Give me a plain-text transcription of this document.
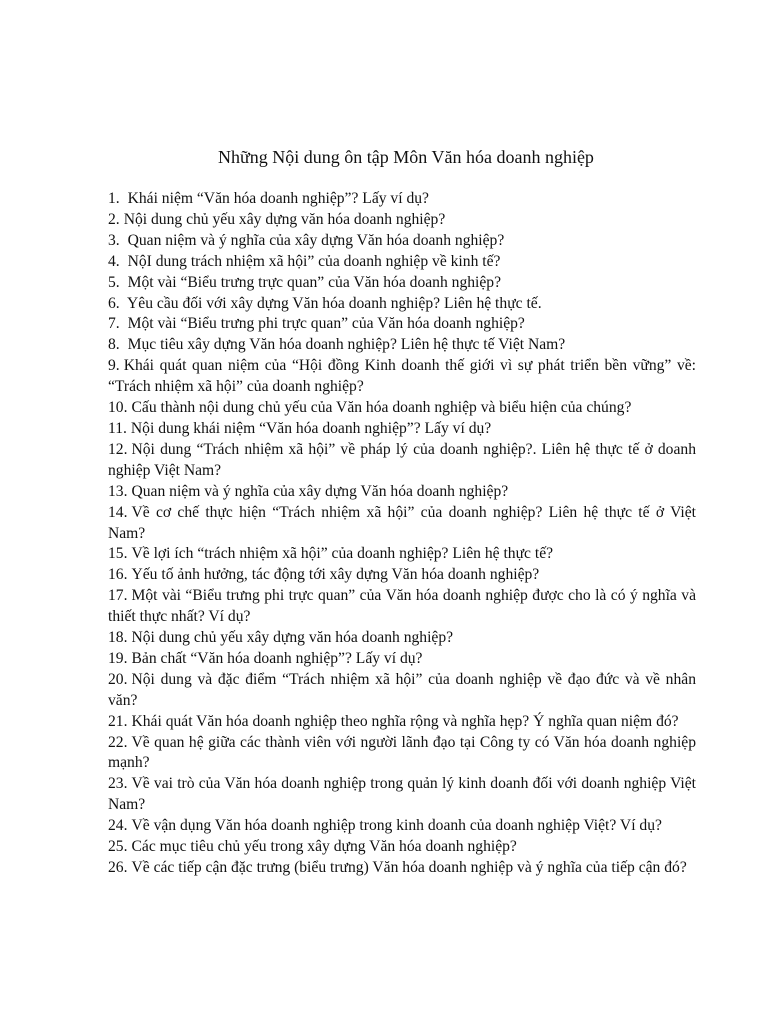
Những Nội dung ôn tập Môn Văn hóa doanh nghiệp
1. Khái niệm “Văn hóa doanh nghiệp”? Lấy ví dụ?
2. Nội dung chủ yếu xây dựng văn hóa doanh nghiệp?
3. Quan niệm và ý nghĩa của xây dựng Văn hóa doanh nghiệp?
4. NộI dung trách nhiệm xã hội” của doanh nghiệp về kinh tế?
5. Một vài “Biểu trưng trực quan” của Văn hóa doanh nghiệp?
6. Yêu cầu đối với xây dựng Văn hóa doanh nghiệp? Liên hệ thực tế.
7. Một vài “Biểu trưng phi trực quan” của Văn hóa doanh nghiệp?
8. Mục tiêu xây dựng Văn hóa doanh nghiệp? Liên hệ thực tế Việt Nam?
9. Khái quát quan niệm của “Hội đồng Kinh doanh thế giới vì sự phát triển bền vững” về: “Trách nhiệm xã hội” của doanh nghiệp?
10. Cấu thành nội dung chủ yếu của Văn hóa doanh nghiệp và biểu hiện của chúng?
11. Nội dung khái niệm “Văn hóa doanh nghiệp”? Lấy ví dụ?
12. Nội dung “Trách nhiệm xã hội” về pháp lý của doanh nghiệp?. Liên hệ thực tế ở doanh nghiệp Việt Nam?
13. Quan niệm và ý nghĩa của xây dựng Văn hóa doanh nghiệp?
14. Về cơ chế thực hiện “Trách nhiệm xã hội” của doanh nghiệp? Liên hệ thực tế ở Việt Nam?
15. Về lợi ích “trách nhiệm xã hội” của doanh nghiệp? Liên hệ thực tế?
16. Yếu tố ảnh hưởng, tác động tới xây dựng Văn hóa doanh nghiệp?
17. Một vài “Biểu trưng phi trực quan” của Văn hóa doanh nghiệp được cho là có ý nghĩa và thiết thực nhất? Ví dụ?
18. Nội dung chủ yếu xây dựng văn hóa doanh nghiệp?
19. Bản chất “Văn hóa doanh nghiệp”? Lấy ví dụ?
20. Nội dung và đặc điểm “Trách nhiệm xã hội” của doanh nghiệp về đạo đức và về nhân văn?
21. Khái quát Văn hóa doanh nghiệp theo nghĩa rộng và nghĩa hẹp? Ý nghĩa quan niệm đó?
22. Về quan hệ giữa các thành viên với người lãnh đạo tại Công ty có Văn hóa doanh nghiệp mạnh?
23. Về vai trò của Văn hóa doanh nghiệp trong quản lý kinh doanh đối với doanh nghiệp Việt Nam?
24. Về vận dụng Văn hóa doanh nghiệp trong kinh doanh của doanh nghiệp Việt? Ví dụ?
25. Các mục tiêu chủ yếu trong xây dựng Văn hóa doanh nghiệp?
26. Về các tiếp cận đặc trưng (biểu trưng) Văn hóa doanh nghiệp và ý nghĩa của tiếp cận đó?
